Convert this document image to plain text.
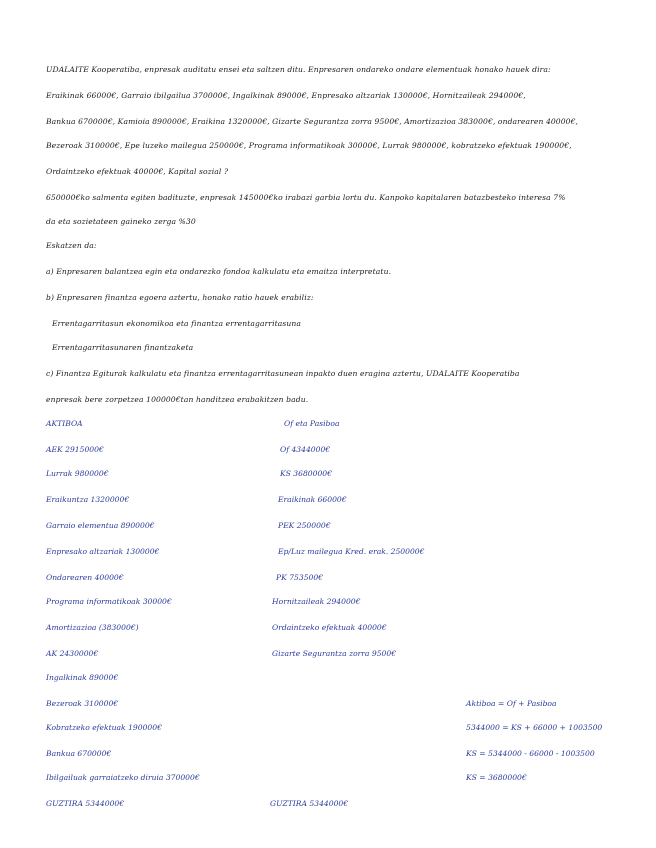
UDALAITE Kooperatiba, enpresak auditatu ensei eta saltzen ditu. Enpresaren ondareko ondare elementuak honako hauek dira:
Eraikinak 66000€, Garraio ibilgailua 370000€, Ingalkinak 89000€, Enpresako altzariak 130000€, Hornitzaileak 294000€,
Bankua 670000€, Kamioia 890000€, Eraikina 1320000€, Gizarte Segurantza zorra 9500€, Amortizazioa 383000€, ondarearen 40000€,
Bezeroak 310000€, Epe luzeko mailegua 250000€, Programa informatikoak 30000€, Lurrak 980000€, kobratzeko efektuak 190000€,
Ordaintzeko efektuak 40000€, Kapital sozial ?
650000€ko salmenta egiten badituzte, enpresak 145000€ko irabazi garbia lortu du. Kanpoko kapitalaren batazbesteko interesa 7%
da eta sozietateen gaineko zerga %30
Eskatzen da:
a) Enpresaren balantzea egin eta ondarezko fondoa kalkulatu eta emaitza interpretatu.
b) Enpresaren finantza egoera aztertu, honako ratio hauek erabiliz:
Errentagarritasun ekonomikoa eta finantza errentagarritasuna
Errentagarritasunaren finantzaketa
c) Finantza Egiturak kalkulatu eta finantza errentagarritasunean inpakto duen eragina aztertu, UDALAITE Kooperatiba
enpresak bere zorpetzea 100000€tan handitzea erabakitzen badu.
AKTIBOA
AEK 2915000€
Lurrak 980000€
Eraikuntza 1320000€
Garraio elementua 890000€
Enpresako altzariak 130000€
Ondarearen 40000€
Programa informatikoak 30000€
Amortizazioa (383000€)
AK 2430000€
Ingalkinak 89000€
Bezeroak 310000€
Kobratzeko efektuak 190000€
Bankua 670000€
Ibilgailuak garraiatzeko diruia 370000€
GUZTIRA 5344000€
Of eta Pasiboa
Of 4344000€
KS 3680000€
Eraikinak 66000€
PEK 250000€
Ep/Luz mailegua Kred. erak. 250000€
PK 753500€
Hornitzaileak 294000€
Ordaintzeko efektuak 40000€
Gizarte Segurantza zorra 9500€
GUZTIRA 5344000€
Aktiboa = Of + Pasiboa
5344000 = KS + 66000 + 1003500
KS = 5344000 - 66000 - 1003500
KS = 3680000€
